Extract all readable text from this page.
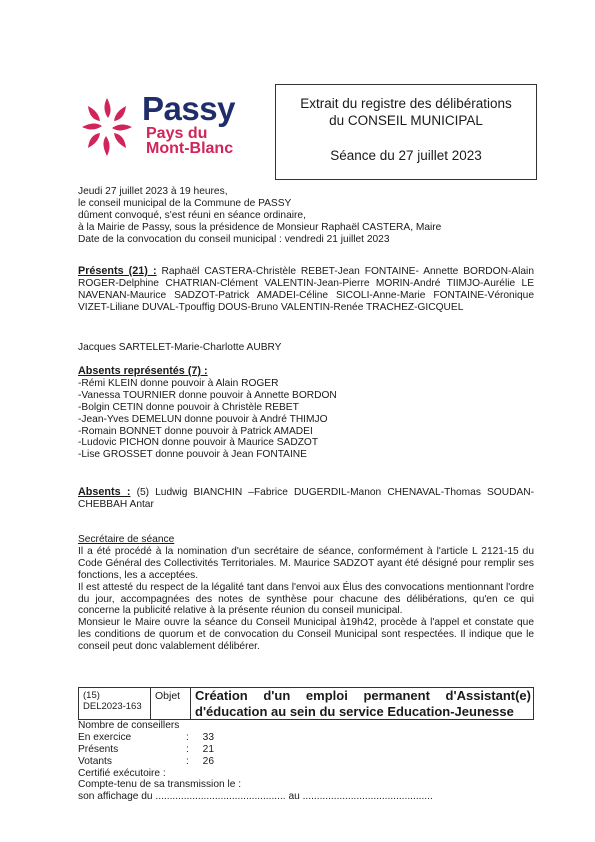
Passy
Pays du
Mont-Blanc
Extrait du registre des délibérations
du CONSEIL MUNICIPAL
Séance du 27 juillet 2023
Jeudi 27 juillet 2023 à 19 heures,
le conseil municipal de la Commune de PASSY
dûment convoqué, s'est réuni en séance ordinaire,
à la Mairie de Passy, sous la présidence de Monsieur Raphaël CASTERA, Maire
Date de la convocation du conseil municipal : vendredi 21 juillet 2023

Présents (21) : Raphaël CASTERA-Christèle REBET-Jean FONTAINE- Annette BORDON-Alain ROGER-Delphine CHATRIAN-Clément VALENTIN-Jean-Pierre MORIN-André TIIMJO-Aurélie LE NAVENAN-Maurice SADZOT-Patrick AMADEI-Céline SICOLI-Anne-Marie FONTAINE-Véronique VIZET-Liliane DUVAL-Tpouffig DOUS-Bruno VALENTIN-Renée TRACHEZ-GICQUEL

Jacques SARTELET-Marie-Charlotte AUBRY
Absents représentés (7) :
-Rémi KLEIN donne pouvoir à Alain ROGER
-Vanessa TOURNIER donne pouvoir à Annette BORDON
-Bolgin CETIN donne pouvoir à Christèle REBET
-Jean-Yves DEMELUN donne pouvoir à André THIMJO
-Romain BONNET donne pouvoir à Patrick AMADEI
-Ludovic PICHON donne pouvoir à Maurice SADZOT
-Lise GROSSET donne pouvoir à Jean FONTAINE

Absents : (5) Ludwig BIANCHIN –Fabrice DUGERDIL-Manon CHENAVAL-Thomas SOUDAN-CHEBBAH Antar

Secrétaire de séance

Il a été procédé à la nomination d'un secrétaire de séance, conformément à l'article L 2121-15 du Code Général des Collectivités Territoriales. M. Maurice SADZOT ayant été désigné pour remplir ses fonctions, les a acceptées.

Il est attesté du respect de la légalité tant dans l'envoi aux Élus des convocations mentionnant l'ordre du jour, accompagnées des notes de synthèse pour chacune des délibérations, qu'en ce qui concerne la publicité relative à la présente réunion du conseil municipal.

Monsieur le Maire ouvre la séance du Conseil Municipal à19h42, procède à l'appel et constate que les conditions de quorum et de convocation du Conseil Municipal sont respectées. Il indique que le conseil peut donc valablement délibérer.

(15)
DEL2023-163
Objet	Création d'un emploi permanent d'Assistant(e)
d'éducation au sein du service Education-Jeunesse
Nombre de conseillers
En exercice	:	33
Présents	:	21
Votants	:	26
Certifié exécutoire :
Compte-tenu de sa transmission le :
son affichage du .............................................. au ..............................................
